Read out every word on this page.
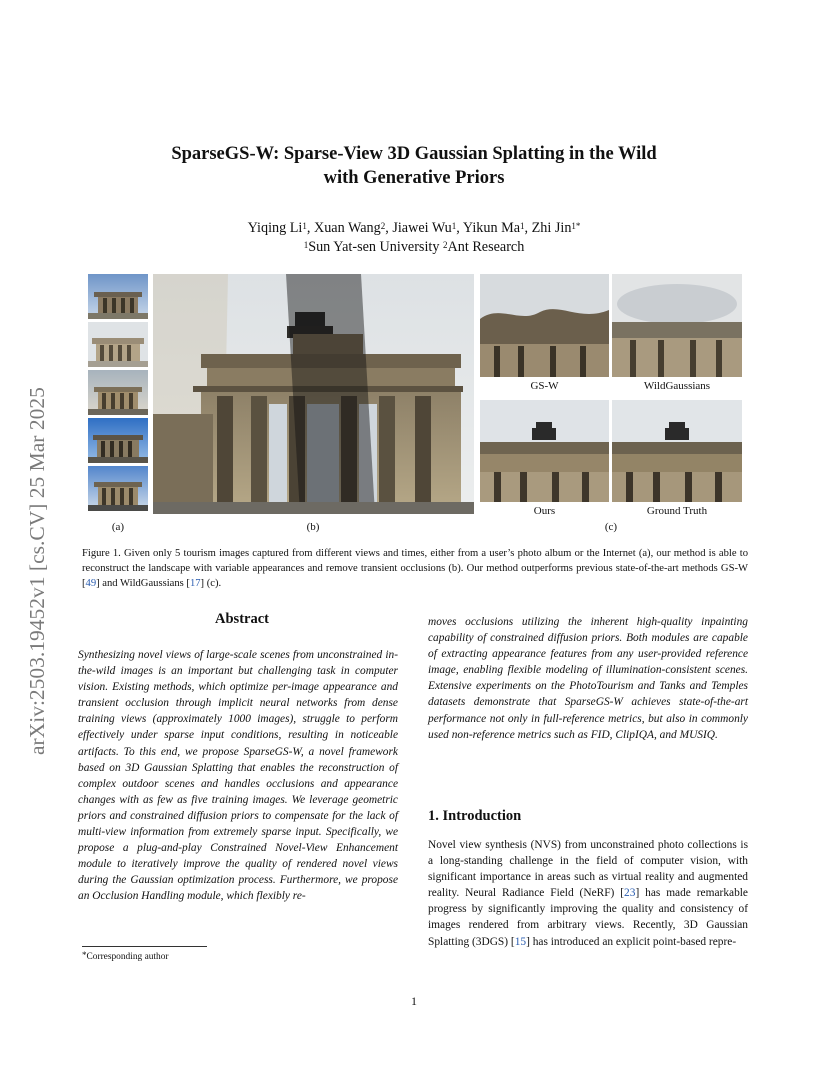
arXiv:2503.19452v1 [cs.CV] 25 Mar 2025
SparseGS-W: Sparse-View 3D Gaussian Splatting in the Wild
with Generative Priors
Yiqing Li$^1$, Xuan Wang$^2$, Jiawei Wu$^1$, Yikun Ma$^1$, Zhi Jin$^{1*}$
$^1$Sun Yat-sen University $^2$Ant Research
GS-W	WildGaussians
Ours	Ground Truth
(a)	(b)	(c)
Figure 1. Given only 5 tourism images captured from different views and times, either from a user’s photo album or the Internet (a), our method is able to reconstruct the landscape with variable appearances and remove transient occlusions (b). Our method outperforms previous state-of-the-art methods GS-W [49] and WildGaussians [17] (c).
Abstract
Synthesizing novel views of large-scale scenes from unconstrained in-the-wild images is an important but challenging task in computer vision. Existing methods, which optimize per-image appearance and transient occlusion through implicit neural networks from dense training views (approximately 1000 images), struggle to perform effectively under sparse input conditions, resulting in noticeable artifacts. To this end, we propose SparseGS-W, a novel framework based on 3D Gaussian Splatting that enables the reconstruction of complex outdoor scenes and handles occlusions and appearance changes with as few as five training images. We leverage geometric priors and constrained diffusion priors to compensate for the lack of multi-view information from extremely sparse input. Specifically, we propose a plug-and-play Constrained Novel-View Enhancement module to iteratively improve the quality of rendered novel views during the Gaussian optimization process. Furthermore, we propose an Occlusion Handling module, which flexibly re-
moves occlusions utilizing the inherent high-quality inpainting capability of constrained diffusion priors. Both modules are capable of extracting appearance features from any user-provided reference image, enabling flexible modeling of illumination-consistent scenes. Extensive experiments on the PhotoTourism and Tanks and Temples datasets demonstrate that SparseGS-W achieves state-of-the-art performance not only in full-reference metrics, but also in commonly used non-reference metrics such as FID, ClipIQA, and MUSIQ.
1. Introduction
Novel view synthesis (NVS) from unconstrained photo collections is a long-standing challenge in the field of computer vision, with significant importance in areas such as virtual reality and augmented reality. Neural Radiance Field (NeRF) [23] has made remarkable progress by significantly improving the quality and consistency of images rendered from arbitrary views. Recently, 3D Gaussian Splatting (3DGS) [15] has introduced an explicit point-based repre-
*Corresponding author
1
